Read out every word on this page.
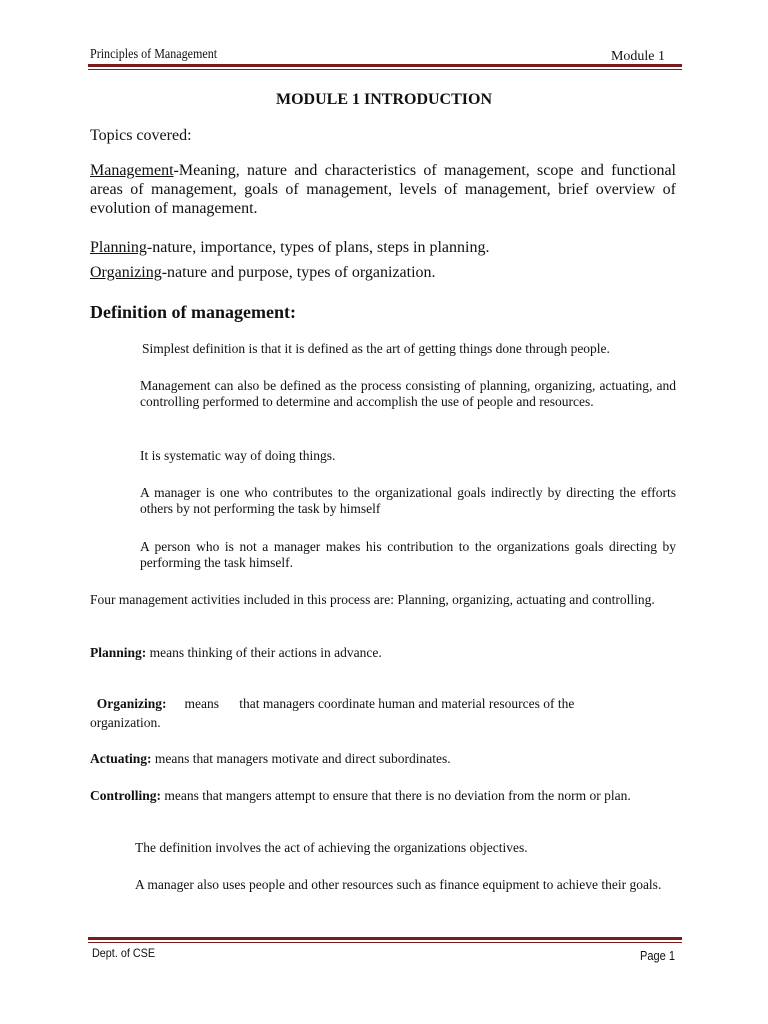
Principles of Management	Module 1
MODULE 1 INTRODUCTION
Topics covered:
Management-Meaning, nature and characteristics of management, scope and functional areas of management, goals of management, levels of management, brief overview of evolution of management.
Planning-nature, importance, types of plans, steps in planning.
Organizing-nature and purpose, types of organization.
Definition of management:
Simplest definition is that it is defined as the art of getting things done through people.
Management can also be defined as the process consisting of planning, organizing, actuating, and controlling performed to determine and accomplish the use of people and resources.
It is systematic way of doing things.
A manager is one who contributes to the organizational goals indirectly by directing the efforts others by not performing the task by himself
A person who is not a manager makes his contribution to the organizations goals directing by performing the task himself.
Four management activities included in this process are: Planning, organizing, actuating and controlling.
Planning: means thinking of their actions in advance.

Organizing: means      that managers coordinate human and material resources of the

organization.
Actuating: means that managers motivate and direct subordinates.
Controlling: means that mangers attempt to ensure that there is no deviation from the norm or plan.
The definition involves the act of achieving the organizations objectives.
A manager also uses people and other resources such as finance equipment to achieve their goals.
Dept. of CSE	Page 1
